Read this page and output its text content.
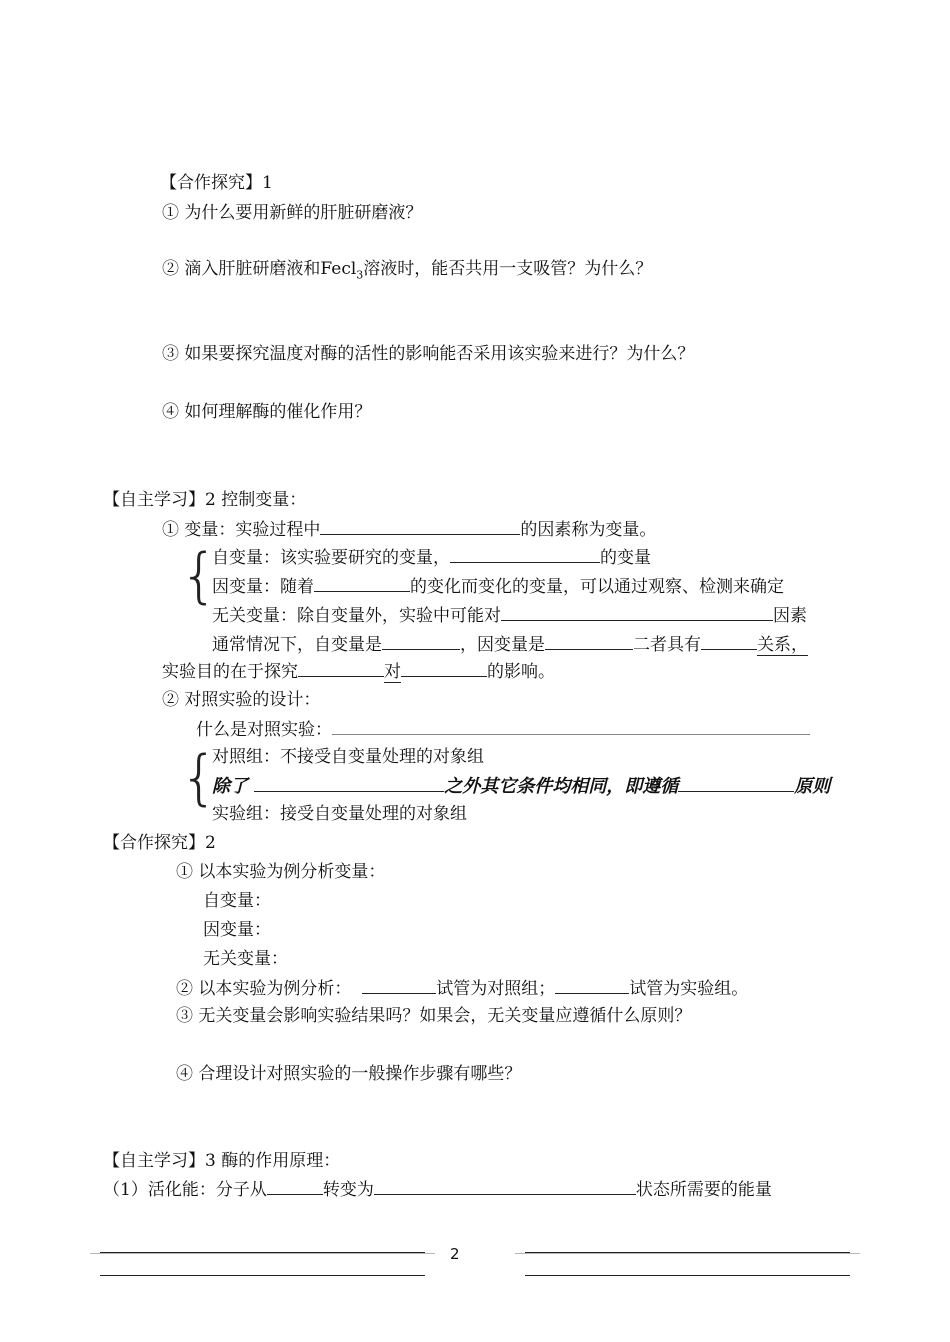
【合作探究】1
① 为什么要用新鲜的肝脏研磨液？
② 滴入肝脏研磨液和Fecl$_3$溶液时，能否共用一支吸管？为什么？
③ 如果要探究温度对酶的活性的影响能否采用该实验来进行？为什么？
④ 如何理解酶的催化作用？
【自主学习】2 控制变量：
① 变量：实验过程中	的因素称为变量。
{
自变量：该实验要研究的变量，	的变量
因变量：随着	的变化而变化的变量，可以通过观察、检测来确定
无关变量：除自变量外，实验中可能对	因素
通常情况下，自变量是	，因变量是	二者具有	关系，
实验目的在于探究	对	的影响。
② 对照实验的设计：
什么是对照实验：
{
对照组：不接受自变量处理的对象组
除了	之外其它条件均相同，即遵循	原则
实验组：接受自变量处理的对象组
【合作探究】2
① 以本实验为例分析变量：
自变量：
因变量：
无关变量：
② 以本实验为例分析：	试管为对照组；	试管为实验组。
③ 无关变量会影响实验结果吗？如果会，无关变量应遵循什么原则？
④ 合理设计对照实验的一般操作步骤有哪些？
【自主学习】3 酶的作用原理：
（1）活化能：分子从	转变为	状态所需要的能量
2
